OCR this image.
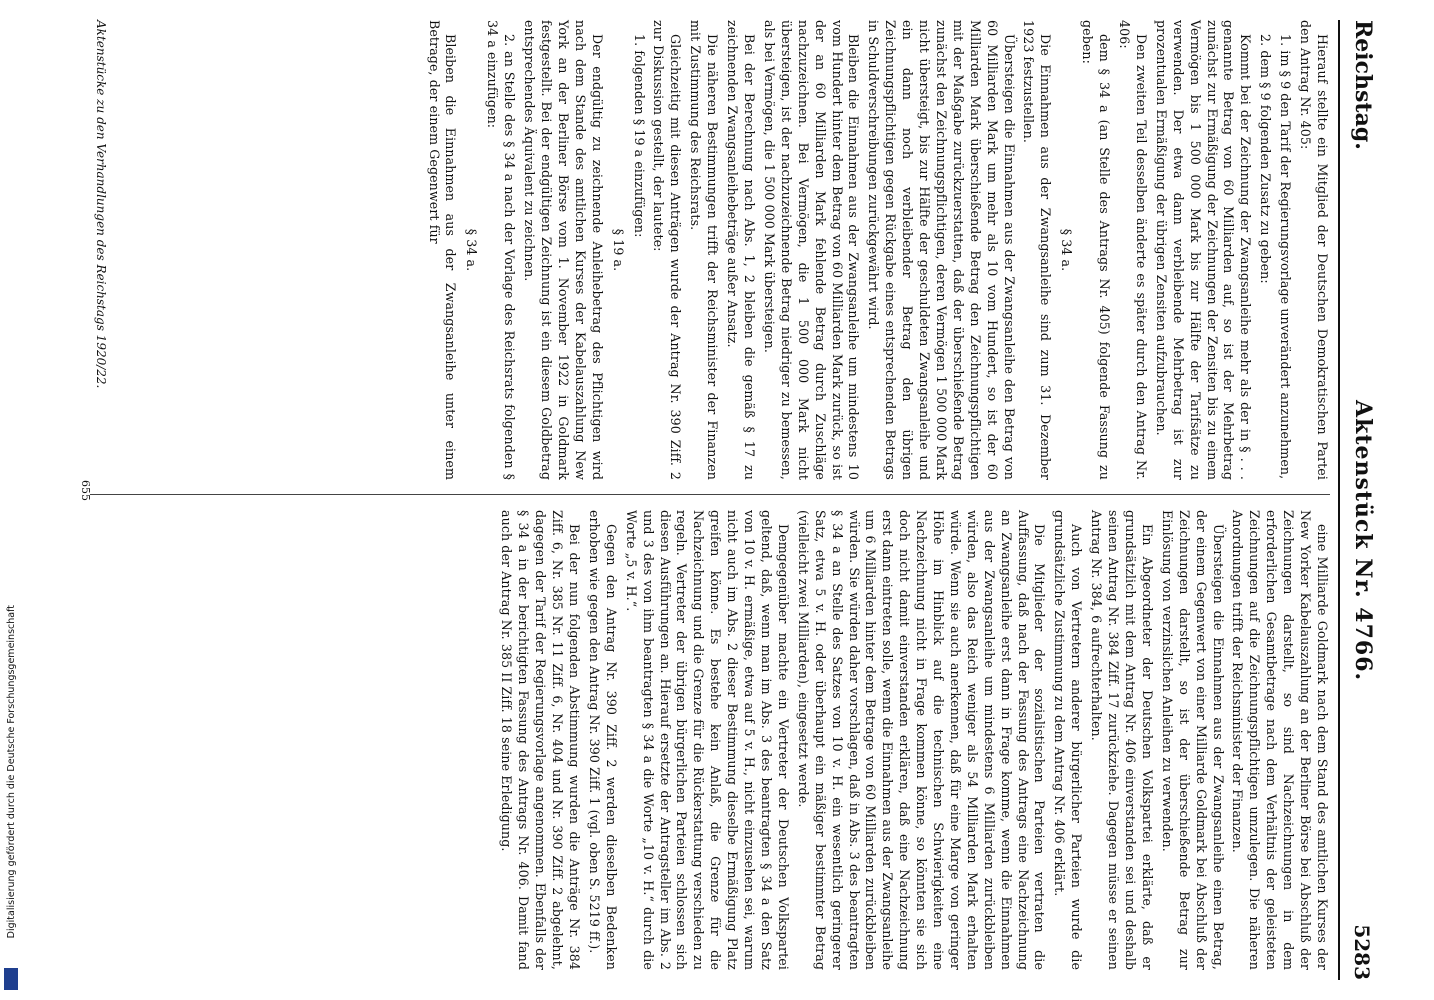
Reichstag.
Aktenstück Nr. 4766.
5283

Hierauf stellte ein Mitglied der Deutschen Demokratischen Partei den Antrag Nr. 405:

1. im § 9 den Tarif der Regierungsvorlage unverändert anzunehmen,

2. dem § 9 folgenden Zusatz zu geben:

Kommt bei der Zeichnung der Zwangsanleihe mehr als der in § . . . genannte Betrag von 60 Milliarden auf, so ist der Mehrbetrag zunächst zur Ermäßigung der Zeichnungen der Zensiten bis zu einem Vermögen bis 1 500 000 Mark bis zur Hälfte der Tarifsätze zu verwenden. Der etwa dann verbleibende Mehrbetrag ist zur prozentualen Ermäßigung der übrigen Zensiten aufzubrauchen.

Den zweiten Teil desselben änderte es später durch den Antrag Nr. 406:

dem § 34 a (an Stelle des Antrags Nr. 405) folgende Fassung zu geben:

§ 34 a.

Die Einnahmen aus der Zwangsanleihe sind zum 31. Dezember 1923 festzustellen.

Übersteigen die Einnahmen aus der Zwangsanleihe den Betrag von 60 Milliarden Mark um mehr als 10 vom Hundert, so ist der 60 Milliarden Mark überschießende Betrag den Zeichnungspflichtigen mit der Maßgabe zurückzuerstatten, daß der überschießende Betrag zunächst den Zeichnungspflichtigen, deren Vermögen 1 500 000 Mark nicht übersteigt, bis zur Hälfte der geschuldeten Zwangsanleihe und ein dann noch verbleibender Betrag den übrigen Zeichnungspflichtigen gegen Rückgabe eines entsprechenden Betrags in Schuldverschreibungen zurückgewährt wird.

Bleiben die Einnahmen aus der Zwangsanleihe um mindestens 10 vom Hundert hinter dem Betrag von 60 Milliarden Mark zurück, so ist der an 60 Milliarden Mark fehlende Betrag durch Zuschläge nachzuzeichnen. Bei Vermögen, die 1 500 000 Mark nicht übersteigen, ist der nachzuzeichnende Betrag niedriger zu bemessen, als bei Vermögen, die 1 500 000 Mark übersteigen.

Bei der Berechnung nach Abs. 1, 2 bleiben die gemäß § 17 zu zeichnenden Zwangsanleihebeträge außer Ansatz.

Die näheren Bestimmungen trifft der Reichsminister der Finanzen mit Zustimmung des Reichsrats.

Gleichzeitig mit diesen Anträgen wurde der Antrag Nr. 390 Ziff. 2 zur Diskussion gestellt, der lautete:

1. folgenden § 19 a einzufügen:

§ 19 a.

Der endgültig zu zeichnende Anleihebetrag des Pflichtigen wird nach dem Stande des amtlichen Kurses der Kabelauszahlung New York an der Berliner Börse vom 1. November 1922 in Goldmark festgestellt. Bei der endgültigen Zeichnung ist ein diesem Goldbetrag entsprechendes Äquivalent zu zeichnen.

2. an Stelle des § 34 a nach der Vorlage des Reichsrats folgenden § 34 a einzufügen:

§ 34 a.

Bleiben die Einnahmen aus der Zwangsanleihe unter einem Betrage, der einem Gegenwert für

eine Milliarde Goldmark nach dem Stand des amtlichen Kurses der New Yorker Kabelauszahlung an der Berliner Börse bei Abschluß der Zeichnungen darstellt, so sind Nachzeichnungen in dem erforderlichen Gesamtbetrage nach dem Verhältnis der geleisteten Zeichnungen auf die Zeichnungspflichtigen umzulegen. Die näheren Anordnungen trifft der Reichsminister der Finanzen.

Übersteigen die Einnahmen aus der Zwangsanleihe einen Betrag, der einem Gegenwert von einer Milliarde Goldmark bei Abschluß der Zeichnungen darstellt, so ist der überschießende Betrag zur Einlösung von verzinslichen Anleihen zu verwenden.

Ein Abgeordneter der Deutschen Volkspartei erklärte, daß er grundsätzlich mit dem Antrag Nr. 406 einverstanden sei und deshalb seinen Antrag Nr. 384 Ziff. 17 zurückziehe. Dagegen müsse er seinen Antrag Nr. 384, 6 aufrechterhalten.

Auch von Vertretern anderer bürgerlicher Parteien wurde die grundsätzliche Zustimmung zu dem Antrag Nr. 406 erklärt.

Die Mitglieder der sozialistischen Parteien vertraten die Auffassung, daß nach der Fassung des Antrags eine Nachzeichnung an Zwangsanleihe erst dann in Frage komme, wenn die Einnahmen aus der Zwangsanleihe um mindestens 6 Milliarden zurückbleiben würden, also das Reich weniger als 54 Milliarden Mark erhalten würde. Wenn sie auch anerkennen, daß für eine Marge von geringer Höhe im Hinblick auf die technischen Schwierigkeiten eine Nachzeichnung nicht in Frage kommen könne, so könnten sie sich doch nicht damit einverstanden erklären, daß eine Nachzeichnung erst dann eintreten solle, wenn die Einnahmen aus der Zwangsanleihe um 6 Milliarden hinter dem Betrage von 60 Milliarden zurückbleiben würden. Sie würden daher vorschlagen, daß in Abs. 3 des beantragten § 34 a an Stelle des Satzes von 10 v. H. ein wesentlich geringerer Satz, etwa 5 v. H. oder überhaupt ein mäßiger bestimmter Betrag (vielleicht zwei Milliarden), eingesetzt werde.

Demgegenüber machte ein Vertreter der Deutschen Volkspartei geltend, daß, wenn man im Abs. 3 des beantragten § 34 a den Satz von 10 v. H. ermäßige, etwa auf 5 v. H., nicht einzusehen sei, warum nicht auch im Abs. 2 dieser Bestimmung dieselbe Ermäßigung Platz greifen könne. Es bestehe kein Anlaß, die Grenze für die Nachzeichnung und die Grenze für die Rückerstattung verschieden zu regeln. Vertreter der übrigen bürgerlichen Parteien schlossen sich diesen Ausführungen an. Hierauf ersetzte der Antragsteller im Abs. 2 und 3 des von ihm beantragten § 34 a die Worte „10 v. H.“ durch die Worte „5 v. H.“.

Gegen den Antrag Nr. 390 Ziff. 2 werden dieselben Bedenken erhoben wie gegen den Antrag Nr. 390 Ziff. 1 (vgl. oben S. 5219 ff.).

Bei der nun folgenden Abstimmung wurden die Anträge Nr. 384 Ziff. 6, Nr. 385 Nr. 11 Ziff. 6, Nr. 404 und Nr. 390 Ziff. 2 abgelehnt, dagegen der Tarif der Regierungsvorlage angenommen. Ebenfalls der § 34 a in der berichtigten Fassung des Antrags Nr. 406. Damit fand auch der Antrag Nr. 385 II Ziff. 18 seine Erledigung.

Aktenstücke zu den Verhandlungen des Reichstags 1920/22.
655
Digitalisierung gefördert durch die Deutsche Forschungsgemeinschaft
